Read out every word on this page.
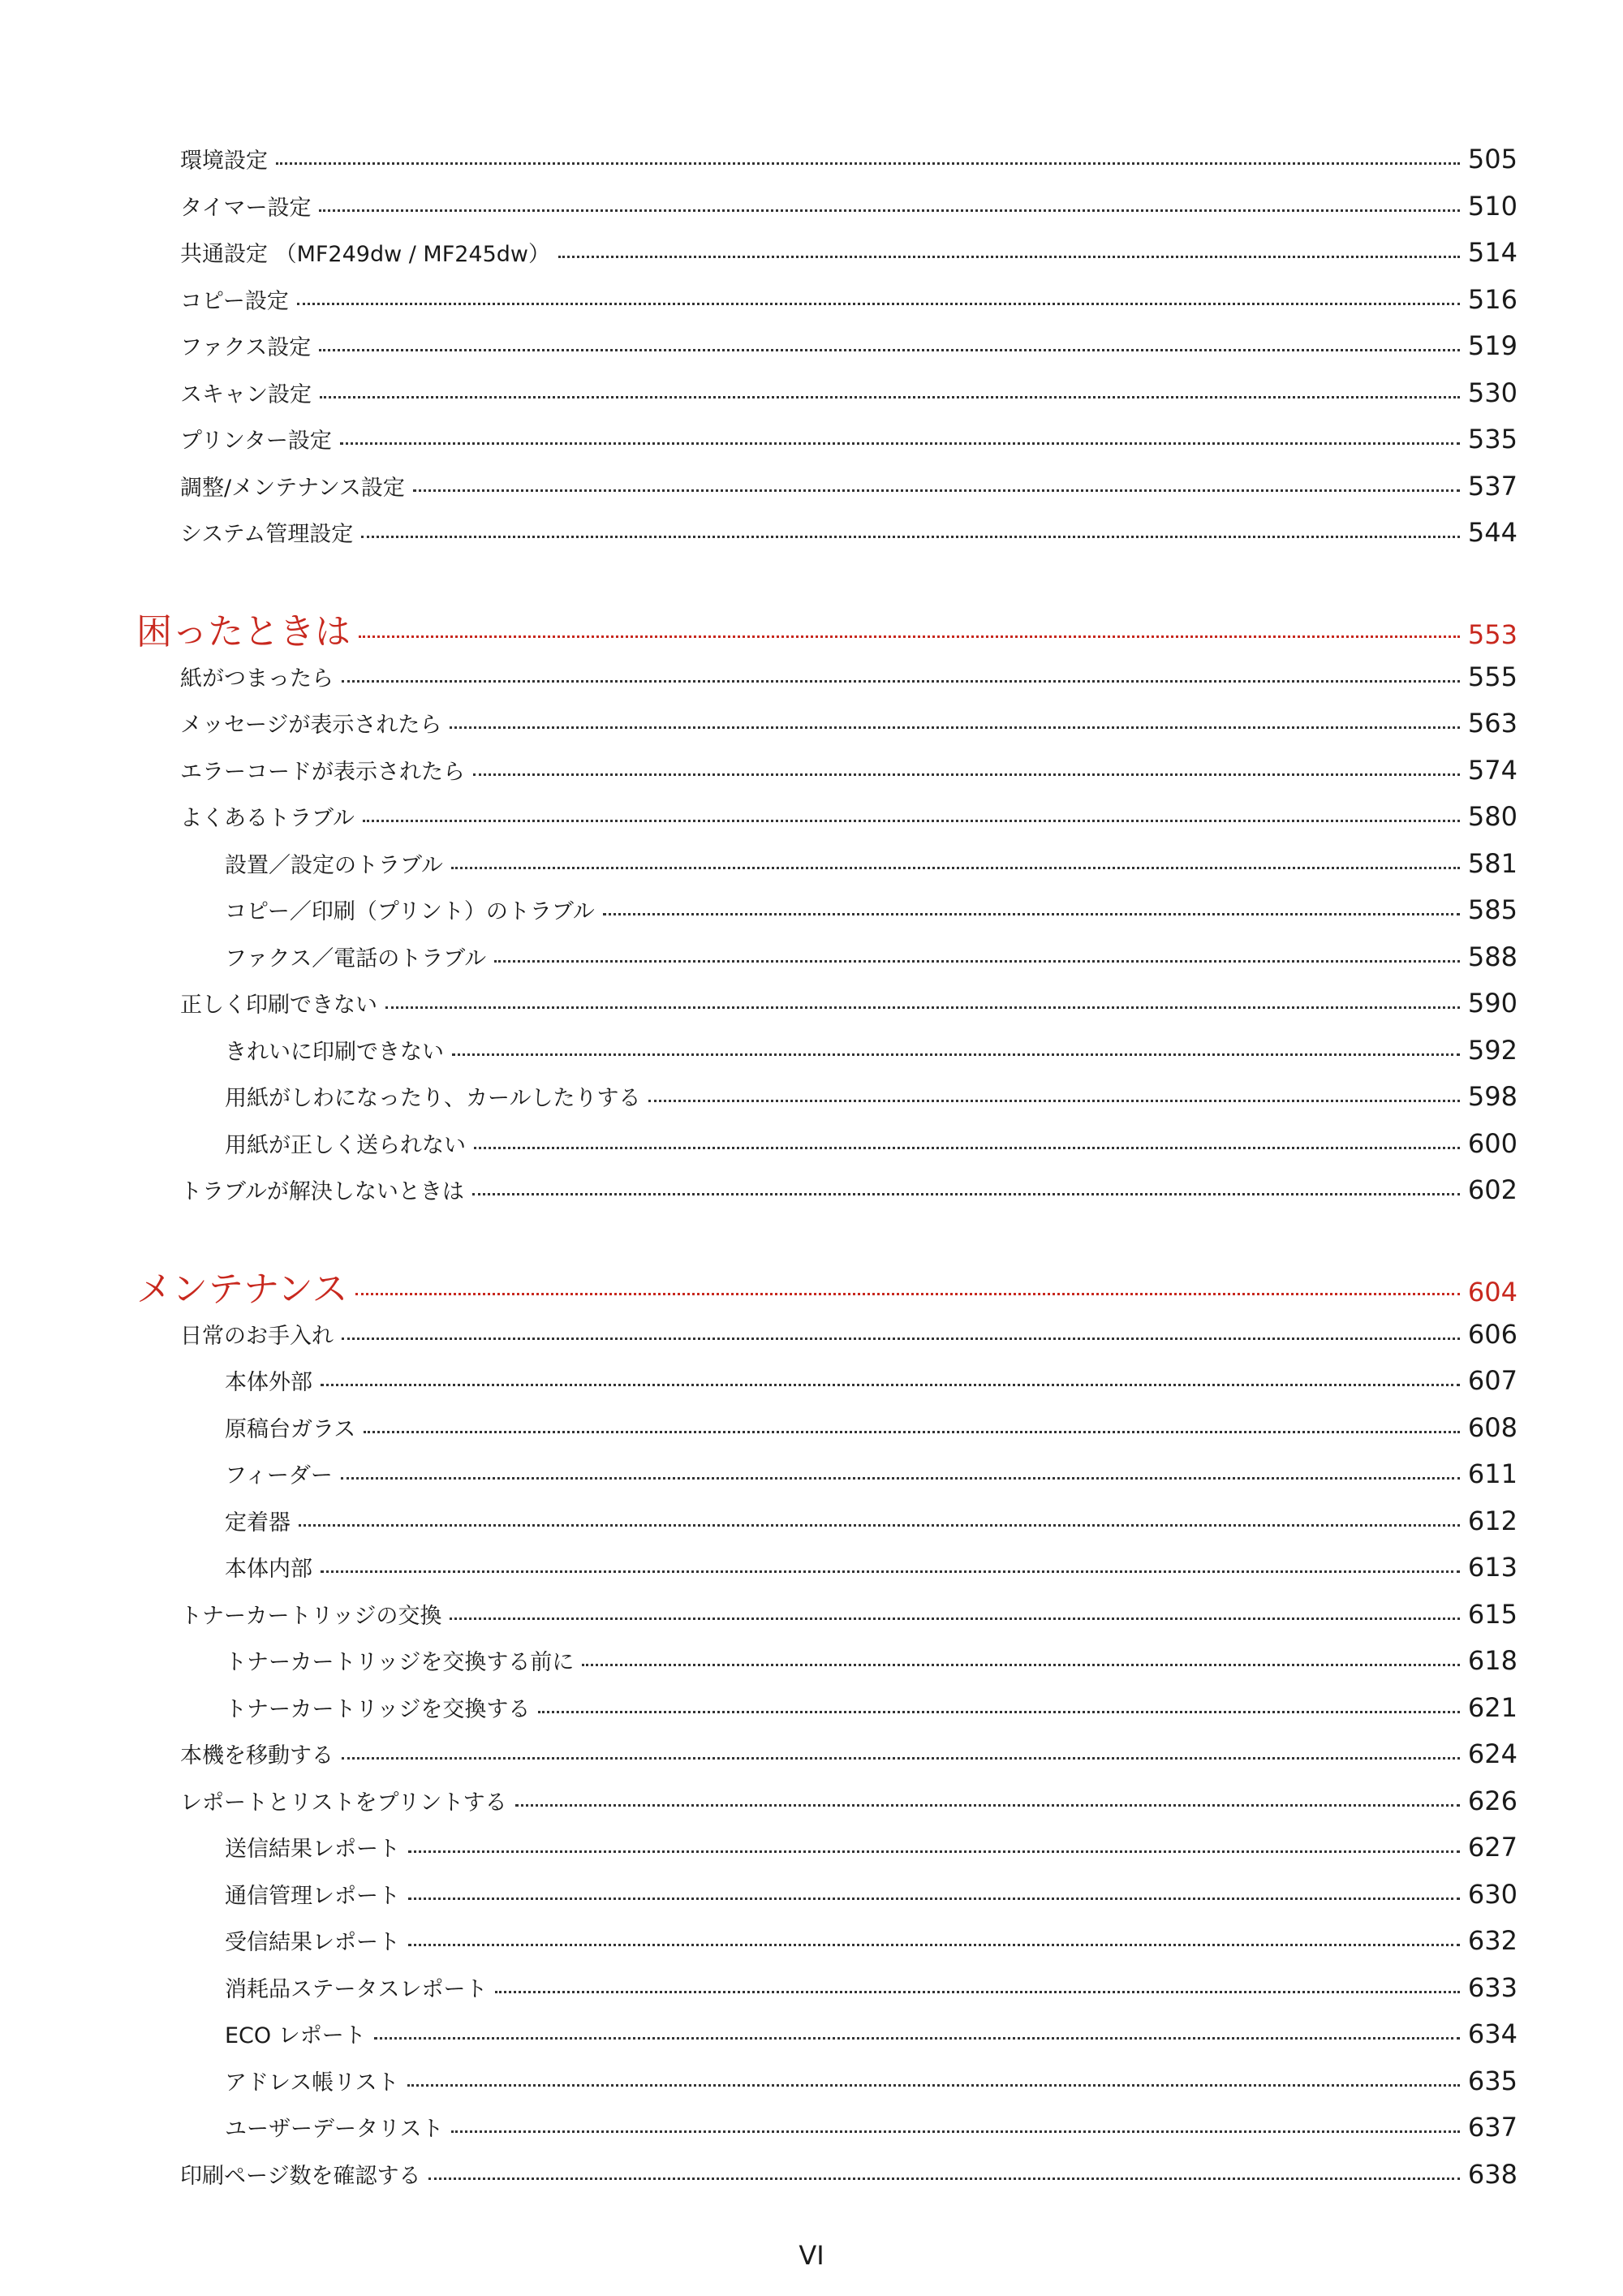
環境設定	505
タイマー設定	510
共通設定 （MF249dw / MF245dw）	514
コピー設定	516
ファクス設定	519
スキャン設定	530
プリンター設定	535
調整/メンテナンス設定	537
システム管理設定	544
困ったときは	553
紙がつまったら	555
メッセージが表示されたら	563
エラーコードが表示されたら	574
よくあるトラブル	580
設置／設定のトラブル	581
コピー／印刷（プリント）のトラブル	585
ファクス／電話のトラブル	588
正しく印刷できない	590
きれいに印刷できない	592
用紙がしわになったり、カールしたりする	598
用紙が正しく送られない	600
トラブルが解決しないときは	602
メンテナンス	604
日常のお手入れ	606
本体外部	607
原稿台ガラス	608
フィーダー	611
定着器	612
本体内部	613
トナーカートリッジの交換	615
トナーカートリッジを交換する前に	618
トナーカートリッジを交換する	621
本機を移動する	624
レポートとリストをプリントする	626
送信結果レポート	627
通信管理レポート	630
受信結果レポート	632
消耗品ステータスレポート	633
ECO レポート	634
アドレス帳リスト	635
ユーザーデータリスト	637
印刷ページ数を確認する	638
VI
